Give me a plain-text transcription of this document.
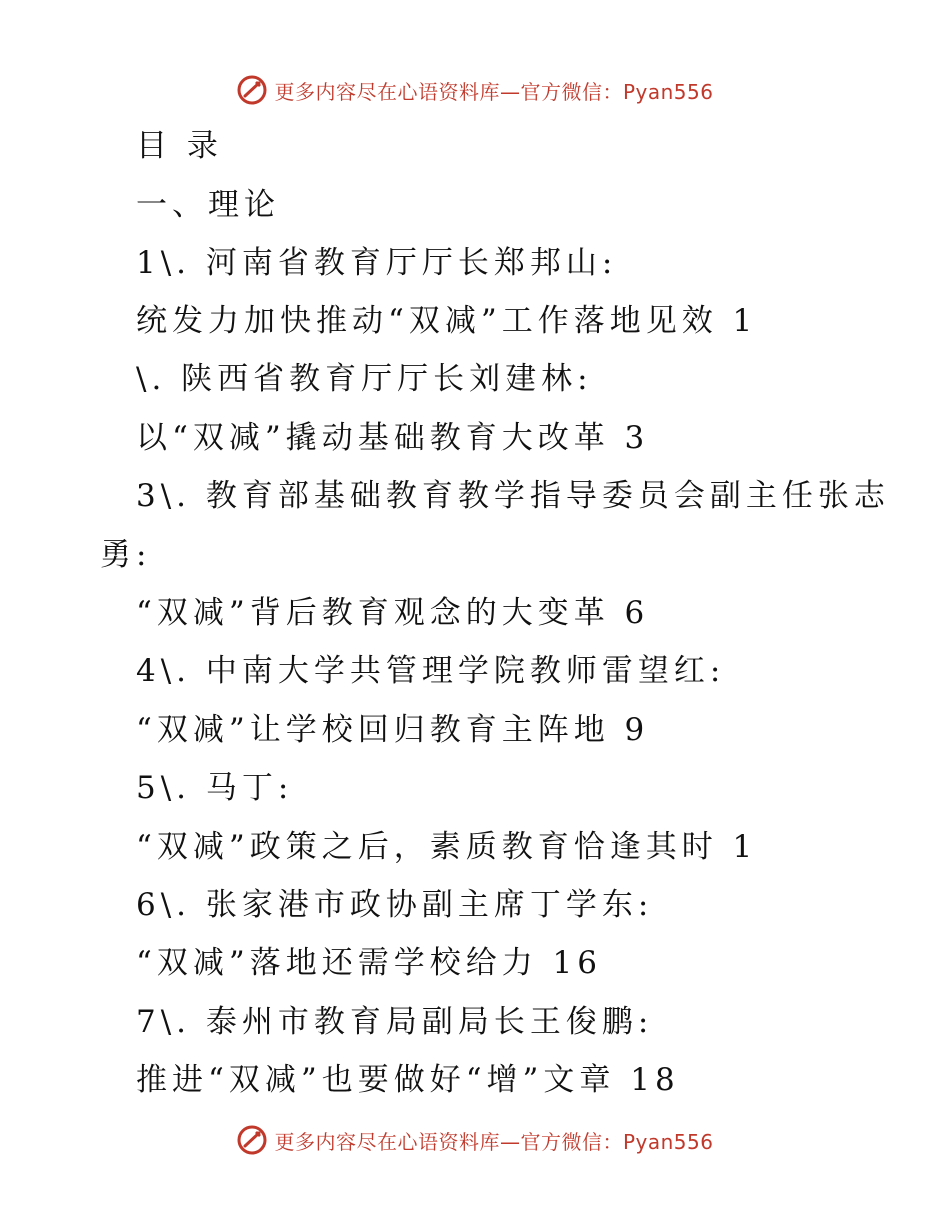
更多内容尽在心语资料库—官方微信：Pyan556
目 录
一、理论
1\. 河南省教育厅厅长郑邦山:
统发力加快推动“双减”工作落地见效 1
\. 陕西省教育厅厅长刘建林:
以“双减”撬动基础教育大改革 3
3\. 教育部基础教育教学指导委员会副主任张志
勇:
“双减”背后教育观念的大变革 6
4\. 中南大学共管理学院教师雷望红:
“双减”让学校回归教育主阵地 9
5\. 马丁:
“双减”政策之后，素质教育恰逢其时 1
6\. 张家港市政协副主席丁学东:
“双减”落地还需学校给力 16
7\. 泰州市教育局副局长王俊鹏:
推进“双减”也要做好“增”文章 18
更多内容尽在心语资料库—官方微信：Pyan556
